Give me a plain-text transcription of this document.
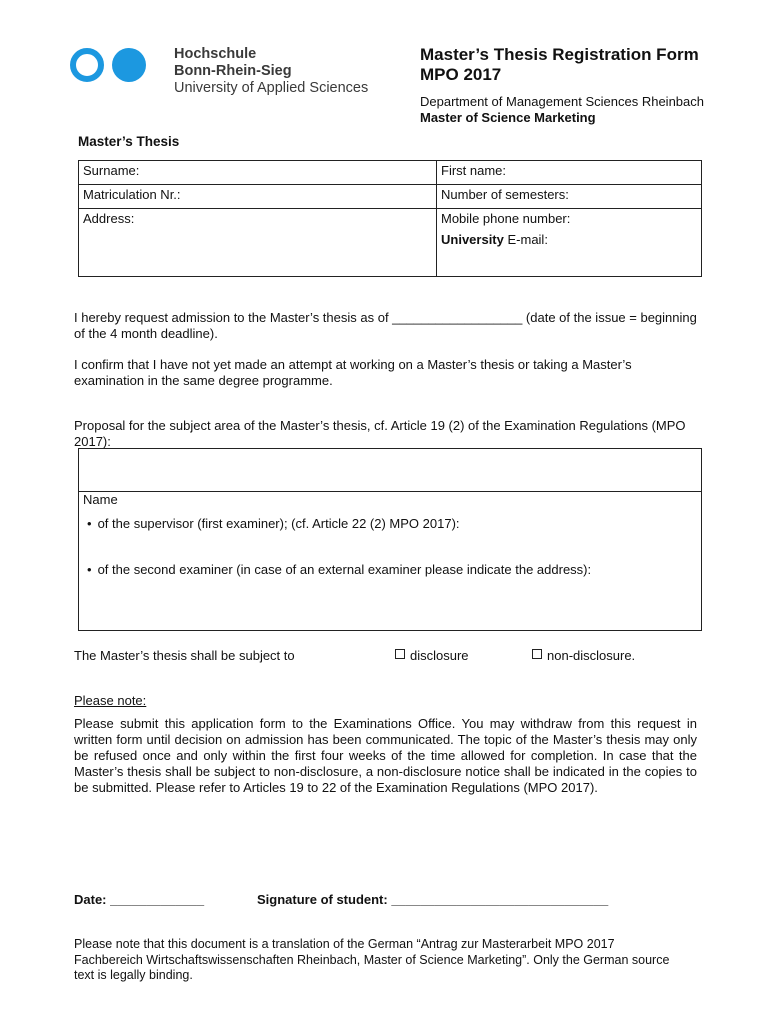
Hochschule
Bonn-Rhein-Sieg
University of Applied Sciences
Master’s Thesis Registration Form
MPO 2017
Department of Management Sciences Rheinbach
Master of Science Marketing
Master’s Thesis
Surname:	First name:
Matriculation Nr.:	Number of semesters:
Address:	Mobile phone number:
University E-mail:
I hereby request admission to the Master’s thesis as of __________________ (date of the issue = beginning of the 4 month deadline).
I confirm that I have not yet made an attempt at working on a Master’s thesis or taking a Master’s examination in the same degree programme.
Proposal for the subject area of the Master’s thesis, cf. Article 19 (2) of the Examination Regulations (MPO 2017):
Name
• of the supervisor (first examiner); (cf. Article 22 (2) MPO 2017):
• of the second examiner (in case of an external examiner please indicate the address):
The Master’s thesis shall be subject to	disclosure	non-disclosure.
Please note:
Please submit this application form to the Examinations Office. You may withdraw from this request in written form until decision on admission has been communicated. The topic of the Master’s thesis may only be refused once and only within the first four weeks of the time allowed for completion. In case that the Master’s thesis shall be subject to non-disclosure, a non-disclosure notice shall be indicated in the copies to be submitted. Please refer to Articles 19 to 22 of the Examination Regulations (MPO 2017).
Date: _____________	Signature of student: ______________________________
Please note that this document is a translation of the German “Antrag zur Masterarbeit MPO 2017 Fachbereich Wirtschaftswissenschaften Rheinbach, Master of Science Marketing”. Only the German source text is legally binding.
